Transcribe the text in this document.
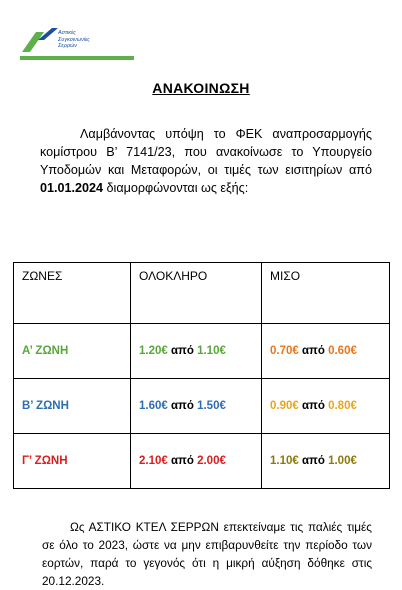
Αστικές
Συγκοινωνίες
Σερρών
ΑΝΑΚΟΙΝΩΣΗ
Λαμβάνοντας υπόψη το ΦΕΚ αναπροσαρμογής κομίστρου Β’ 7141/23, που ανακοίνωσε το Υπουργείο Υποδομών και Μεταφορών, οι τιμές των εισιτηρίων από 01.01.2024 διαμορφώνονται ως εξής:
ΖΩΝΕΣ	ΟΛΟΚΛΗΡΟ	ΜΙΣΟ
Α’ ΖΩΝΗ	1.20€ από 1.10€	0.70€ από 0.60€
Β’ ΖΩΝΗ	1.60€ από 1.50€	0.90€ από 0.80€
Γ’ ΖΩΝΗ	2.10€ από 2.00€	1.10€ από 1.00€
Ως ΑΣΤΙΚΟ ΚΤΕΛ ΣΕΡΡΩΝ επεκτείναμε τις παλιές τιμές σε όλο το 2023, ώστε να μην επιβαρυνθείτε την περίοδο των εορτών, παρά το γεγονός ότι η μικρή αύξηση δόθηκε στις 20.12.2023.
